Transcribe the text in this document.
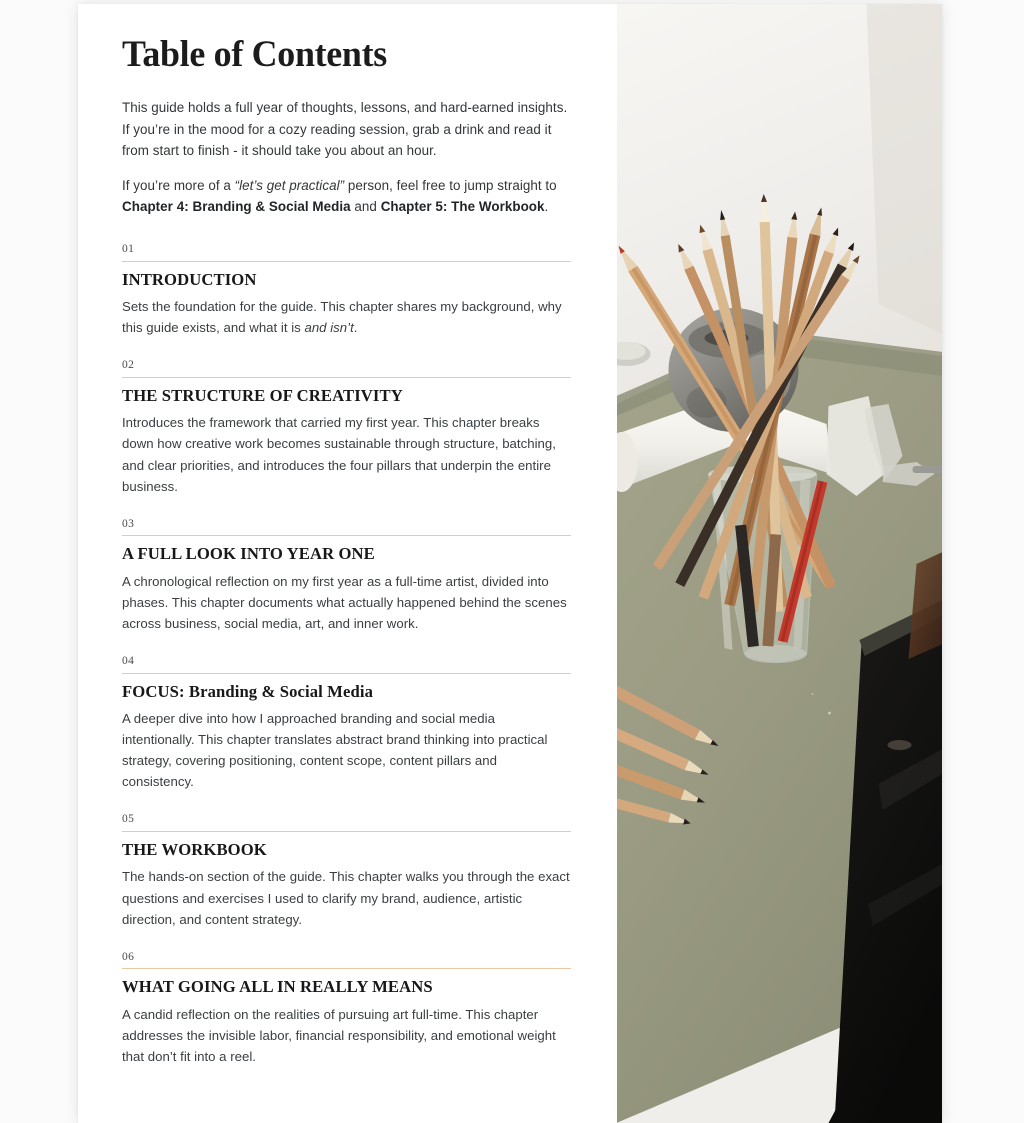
Table of Contents

This guide holds a full year of thoughts, lessons, and hard-earned insights. If you’re in the mood for a cozy reading session, grab a drink and read it from start to finish - it should take you about an hour.

If you’re more of a “let’s get practical” person, feel free to jump straight to Chapter 4: Branding & Social Media and Chapter 5: The Workbook.

01
INTRODUCTION
Sets the foundation for the guide. This chapter shares my background, why this guide exists, and what it is and isn’t.
02
THE STRUCTURE OF CREATIVITY
Introduces the framework that carried my first year. This chapter breaks down how creative work becomes sustainable through structure, batching, and clear priorities, and introduces the four pillars that underpin the entire business.
03
A FULL LOOK INTO YEAR ONE
A chronological reflection on my first year as a full-time artist, divided into phases. This chapter documents what actually happened behind the scenes across business, social media, art, and inner work.
04
FOCUS: Branding & Social Media
A deeper dive into how I approached branding and social media intentionally. This chapter translates abstract brand thinking into practical strategy, covering positioning, content scope, content pillars and consistency.
05
THE WORKBOOK
The hands-on section of the guide. This chapter walks you through the exact questions and exercises I used to clarify my brand, audience, artistic direction, and content strategy.
06
WHAT GOING ALL IN REALLY MEANS
A candid reflection on the realities of pursuing art full-time. This chapter addresses the invisible labor, financial responsibility, and emotional weight that don’t fit into a reel.
